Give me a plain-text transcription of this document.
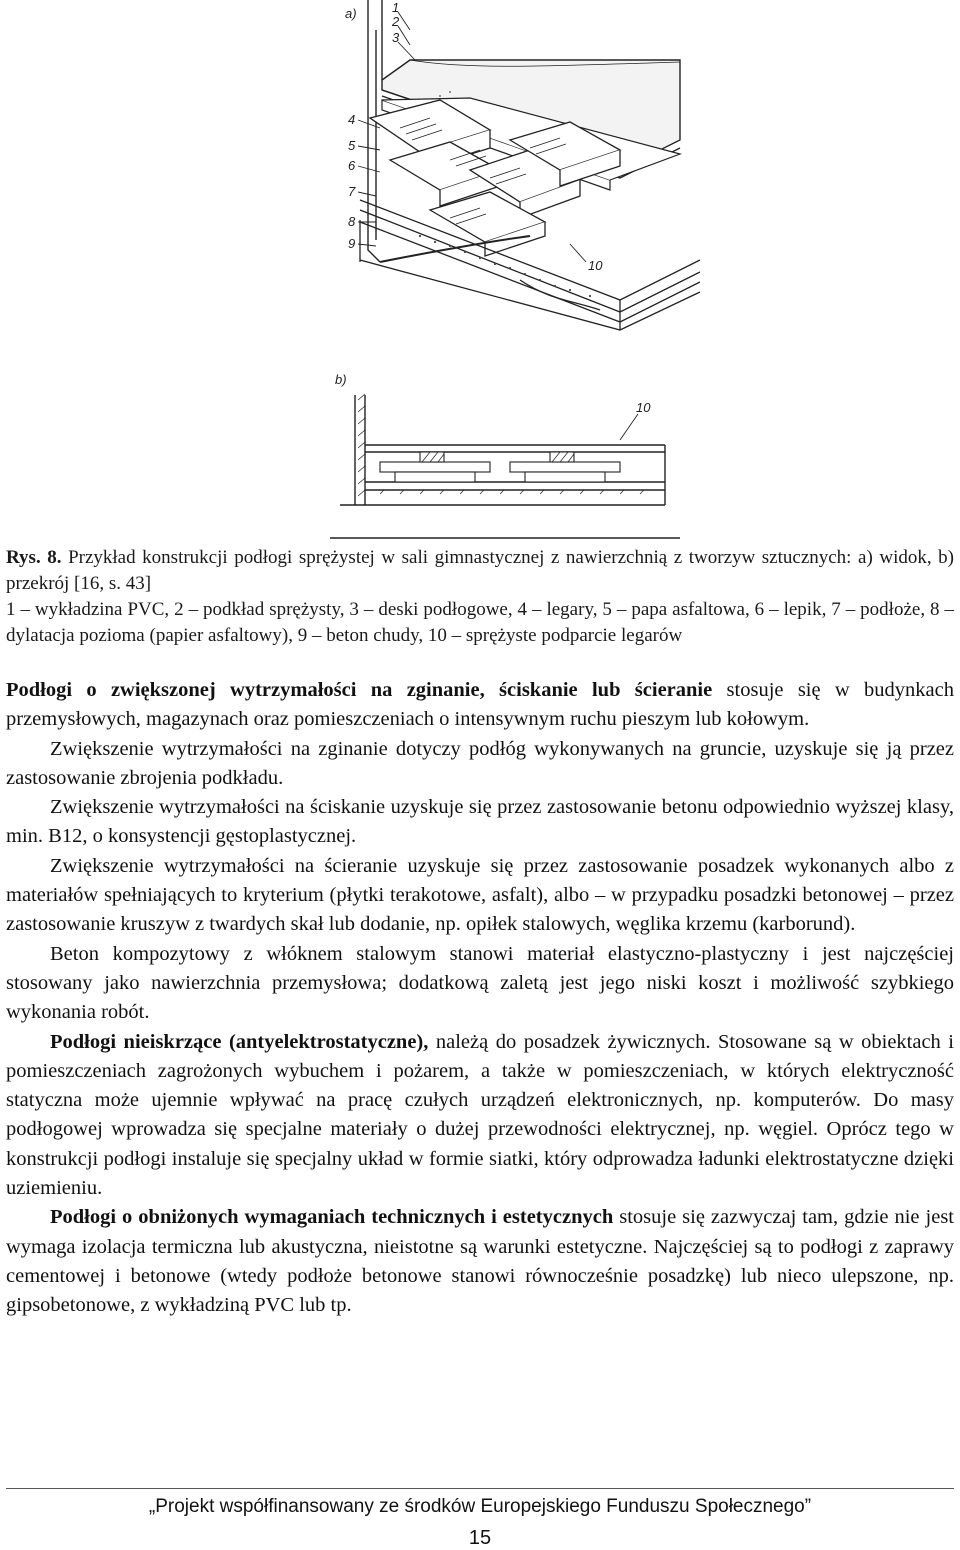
a)	1
2
3
4
5
6
7
8
9
10
b)
10

Rys. 8. Przykład konstrukcji podłogi sprężystej w sali gimnastycznej z nawierzchnią z tworzyw sztucznych: a) widok, b) przekrój [16, s. 43]

1 – wykładzina PVC, 2 – podkład sprężysty, 3 – deski podłogowe, 4 – legary, 5 – papa asfaltowa, 6 – lepik, 7 – podłoże, 8 – dylatacja pozioma (papier asfaltowy), 9 – beton chudy, 10 – sprężyste podparcie legarów

Podłogi o zwiększonej wytrzymałości na zginanie, ściskanie lub ścieranie stosuje się w budynkach przemysłowych, magazynach oraz pomieszczeniach o intensywnym ruchu pieszym lub kołowym.

Zwiększenie wytrzymałości na zginanie dotyczy podłóg wykonywanych na gruncie, uzyskuje się ją przez zastosowanie zbrojenia podkładu.

Zwiększenie wytrzymałości na ściskanie uzyskuje się przez zastosowanie betonu odpowiednio wyższej klasy, min. B12, o konsystencji gęstoplastycznej.

Zwiększenie wytrzymałości na ścieranie uzyskuje się przez zastosowanie posadzek wykonanych albo z materiałów spełniających to kryterium (płytki terakotowe, asfalt), albo – w przypadku posadzki betonowej – przez zastosowanie kruszyw z twardych skał lub dodanie, np. opiłek stalowych, węglika krzemu (karborund).

Beton kompozytowy z włóknem stalowym stanowi materiał elastyczno-plastyczny i jest najczęściej stosowany jako nawierzchnia przemysłowa; dodatkową zaletą jest jego niski koszt i możliwość szybkiego wykonania robót.

Podłogi nieiskrzące (antyelektrostatyczne), należą do posadzek żywicznych. Stosowane są w obiektach i pomieszczeniach zagrożonych wybuchem i pożarem, a także w pomieszczeniach, w których elektryczność statyczna może ujemnie wpływać na pracę czułych urządzeń elektronicznych, np. komputerów. Do masy podłogowej wprowadza się specjalne materiały o dużej przewodności elektrycznej, np. węgiel. Oprócz tego w konstrukcji podłogi instaluje się specjalny układ w formie siatki, który odprowadza ładunki elektrostatyczne dzięki uziemieniu.

Podłogi o obniżonych wymaganiach technicznych i estetycznych stosuje się zazwyczaj tam, gdzie nie jest wymaga izolacja termiczna lub akustyczna, nieistotne są warunki estetyczne. Najczęściej są to podłogi z zaprawy cementowej i betonowe (wtedy podłoże betonowe stanowi równocześnie posadzkę) lub nieco ulepszone, np. gipsobetonowe, z wykładziną PVC lub tp.

„Projekt współfinansowany ze środków Europejskiego Funduszu Społecznego”
15
